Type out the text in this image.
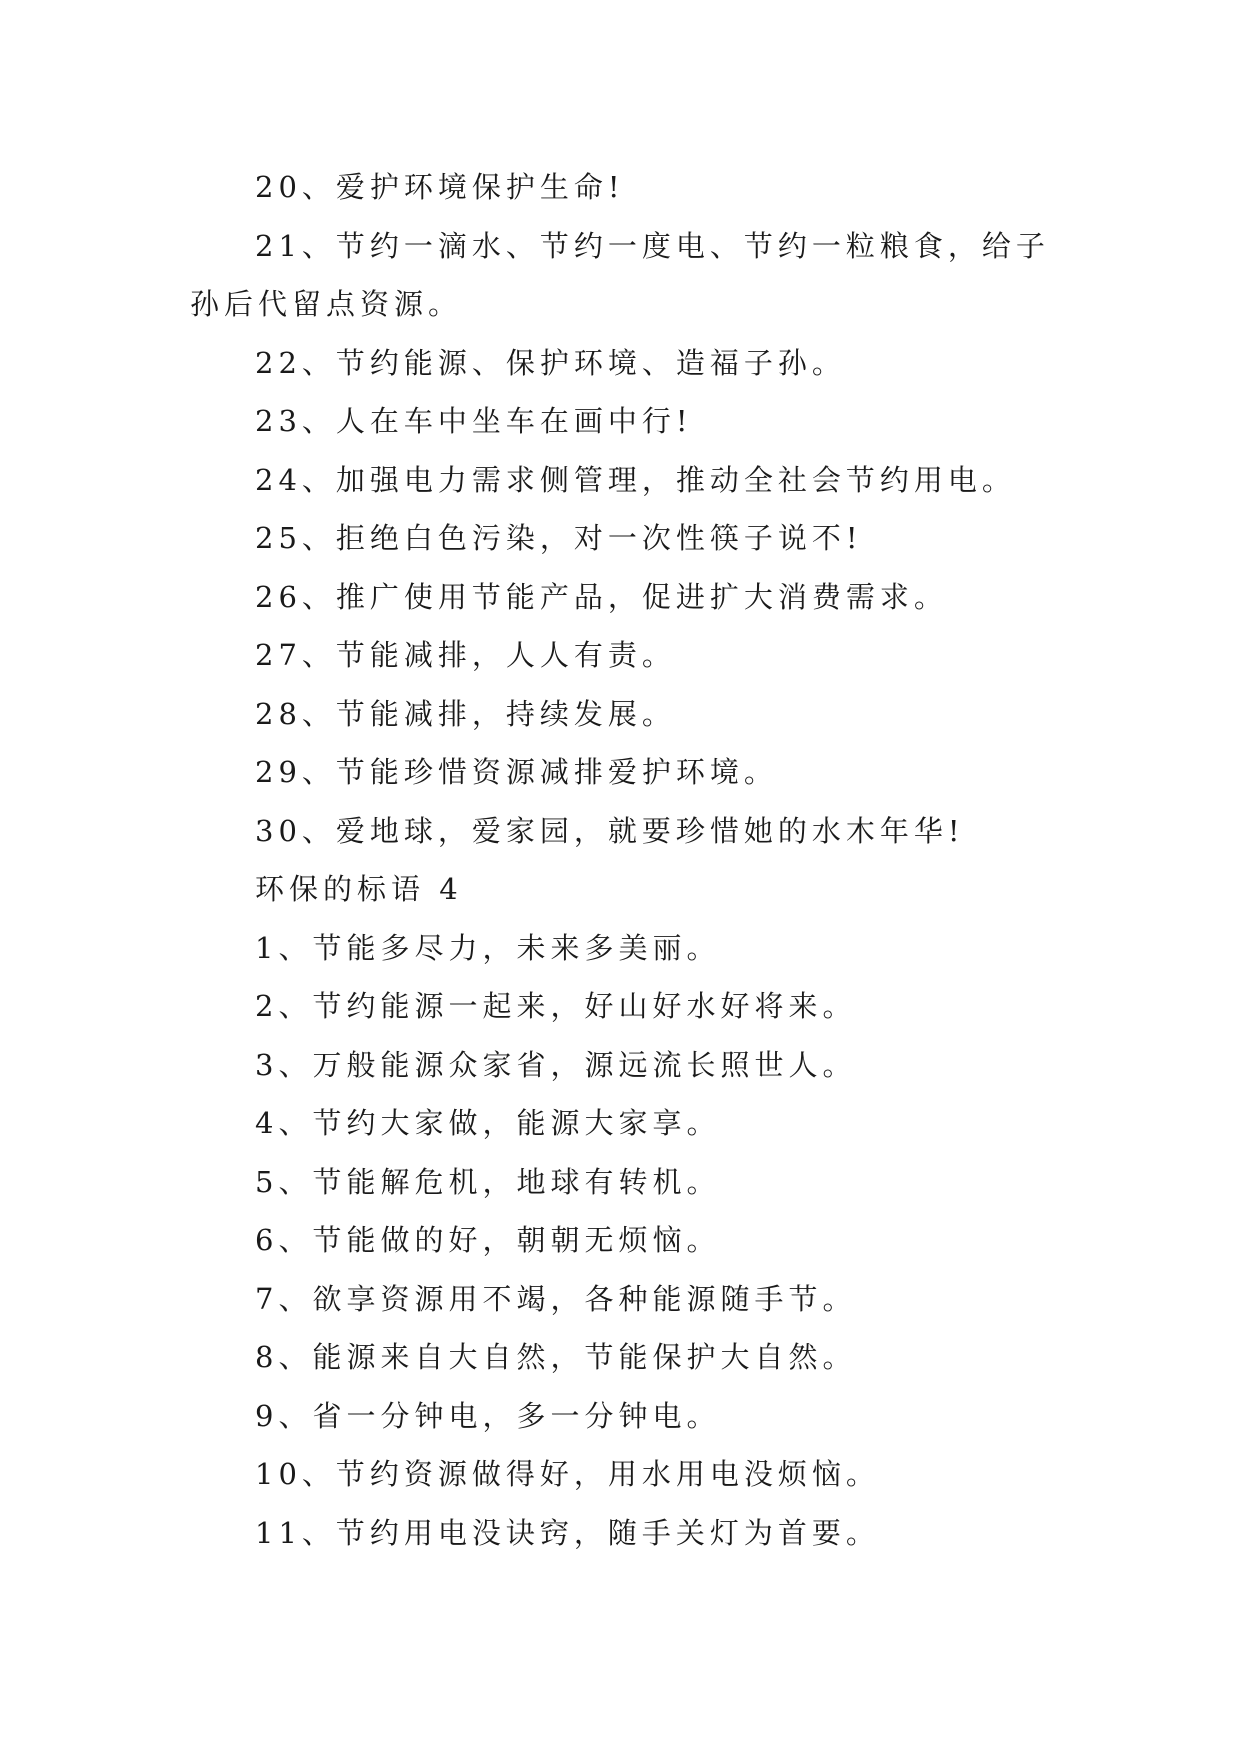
20、爱护环境保护生命!

21、节约一滴水、节约一度电、节约一粒粮食，给子孙后代留点资源。

22、节约能源、保护环境、造福子孙。

23、人在车中坐车在画中行!

24、加强电力需求侧管理，推动全社会节约用电。

25、拒绝白色污染，对一次性筷子说不!

26、推广使用节能产品，促进扩大消费需求。

27、节能减排，人人有责。

28、节能减排，持续发展。

29、节能珍惜资源减排爱护环境。

30、爱地球，爱家园，就要珍惜她的水木年华!

环保的标语 4

1、节能多尽力，未来多美丽。

2、节约能源一起来，好山好水好将来。

3、万般能源众家省，源远流长照世人。

4、节约大家做，能源大家享。

5、节能解危机，地球有转机。

6、节能做的好，朝朝无烦恼。

7、欲享资源用不竭，各种能源随手节。

8、能源来自大自然，节能保护大自然。

9、省一分钟电，多一分钟电。

10、节约资源做得好，用水用电没烦恼。

11、节约用电没诀窍，随手关灯为首要。
